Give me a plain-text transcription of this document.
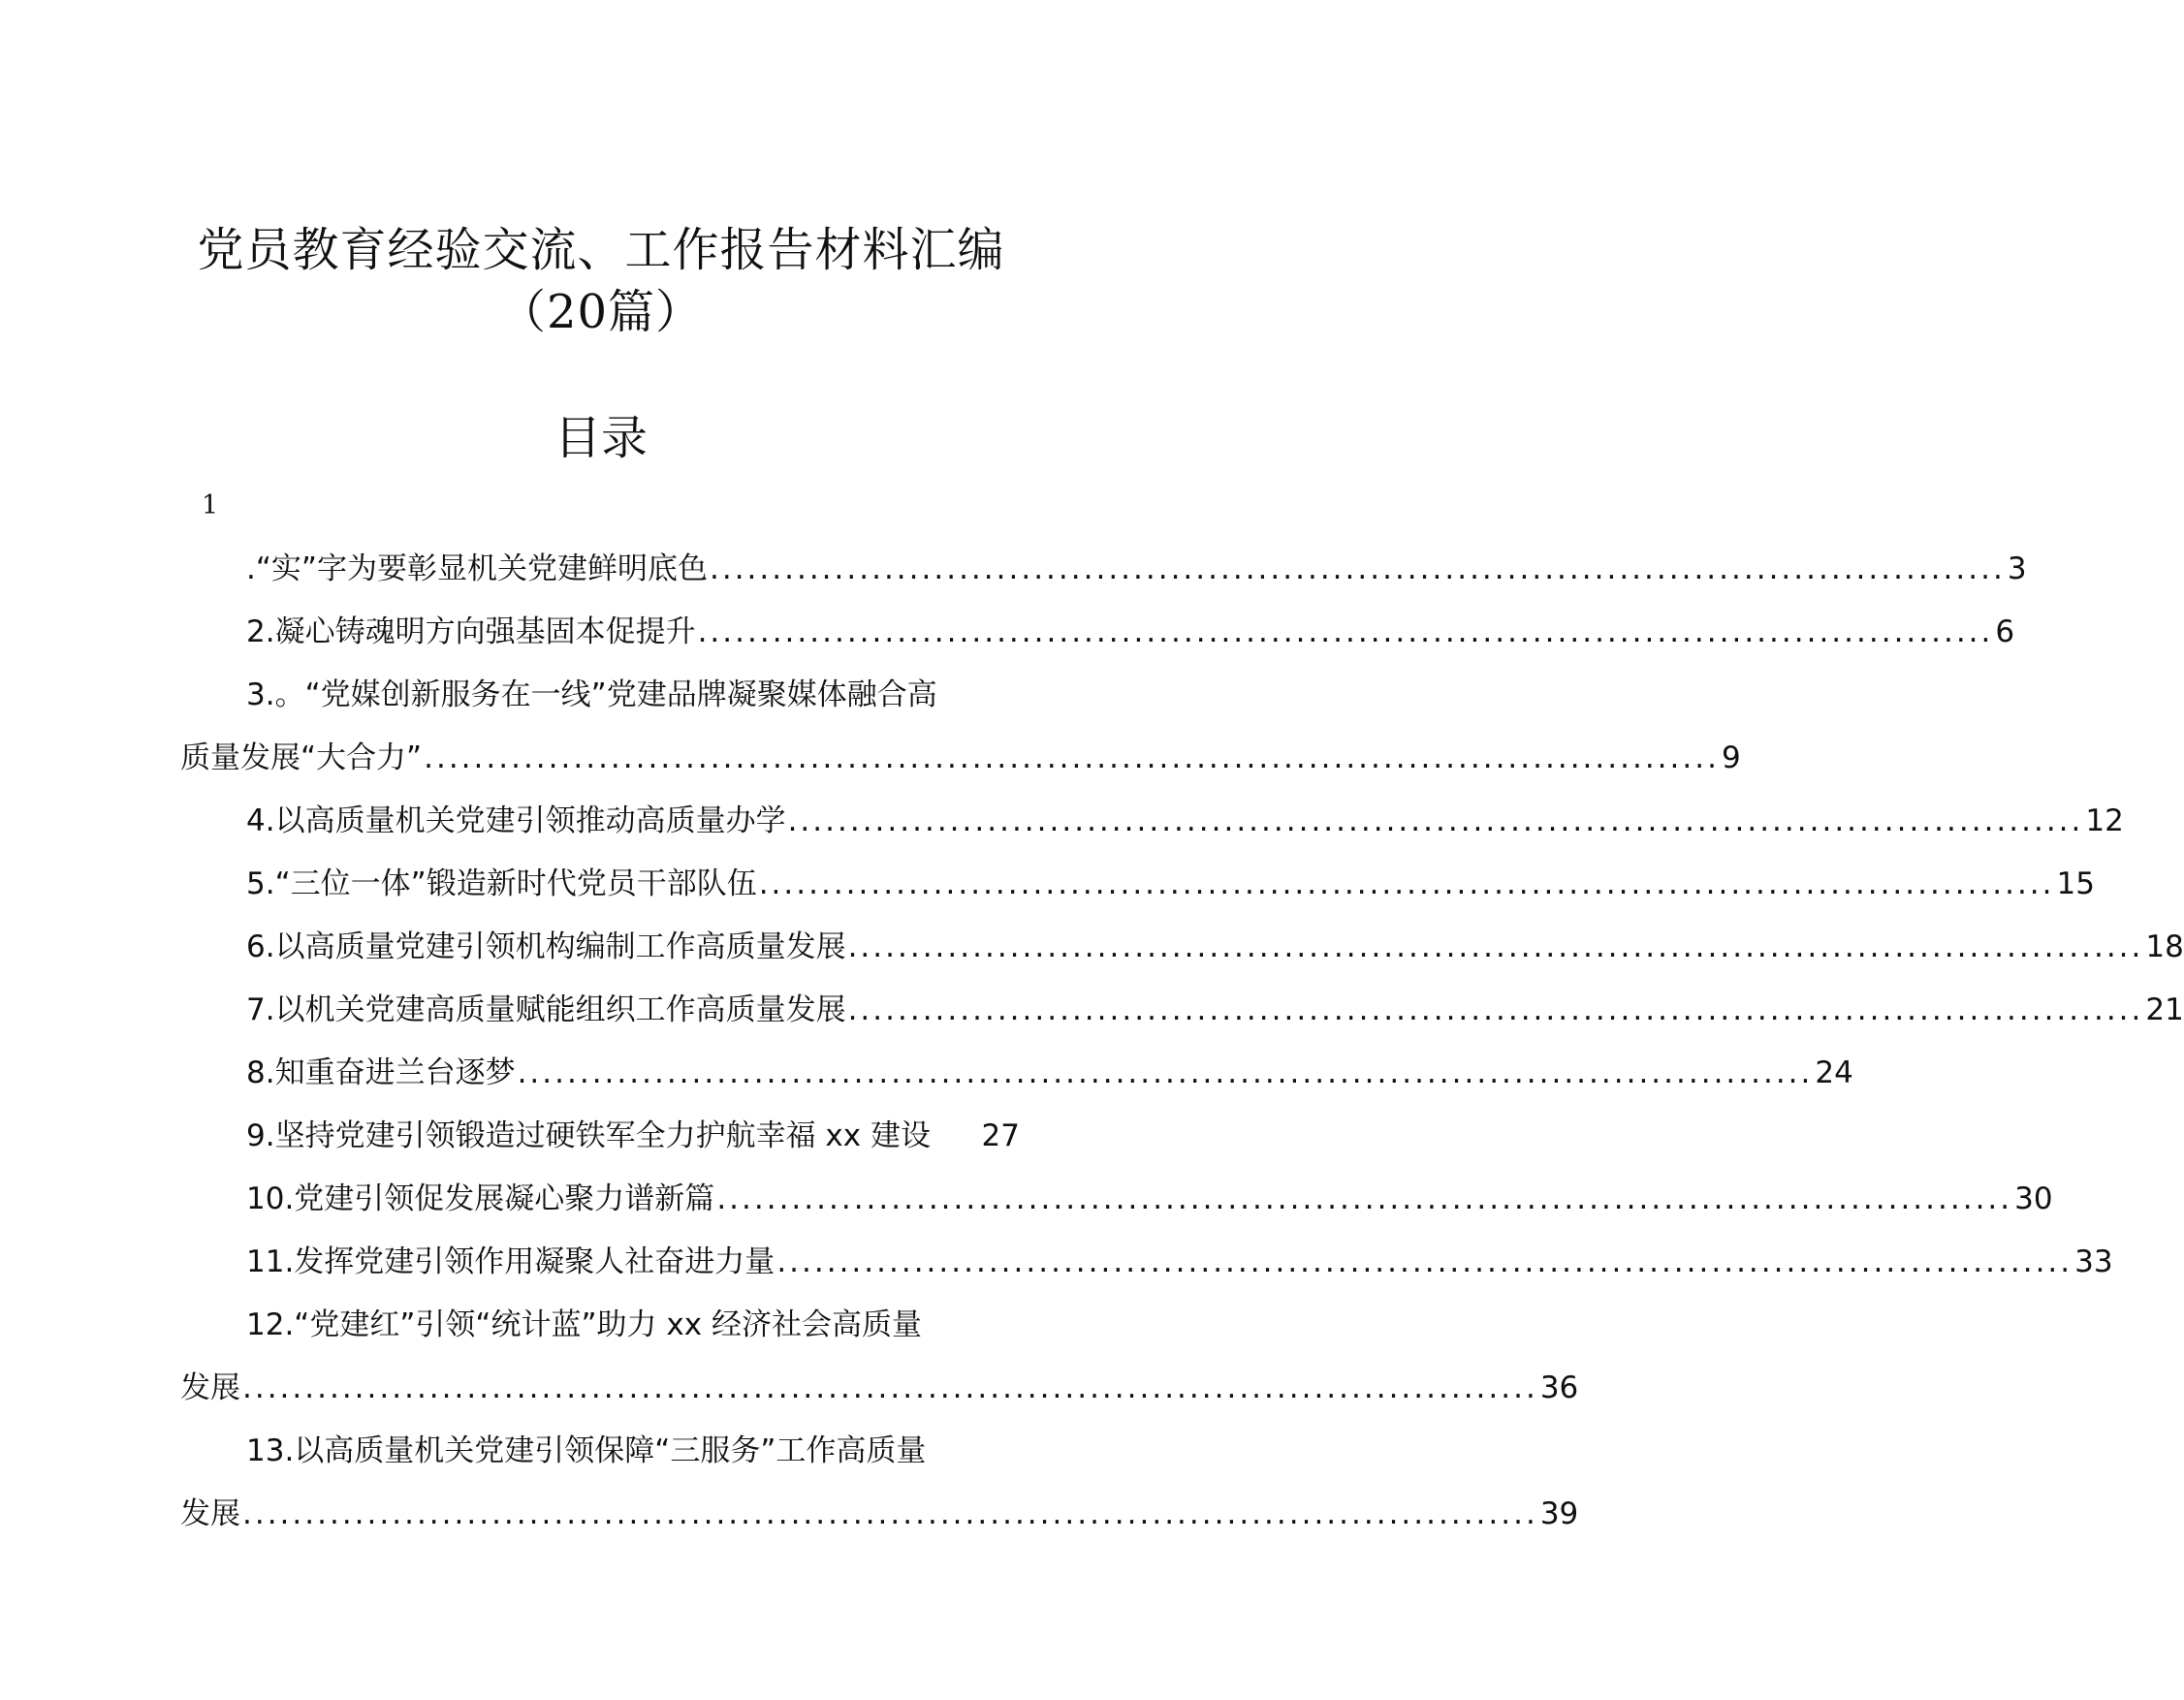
党员教育经验交流、工作报告材料汇编
（20篇）
目录
1
.“实”字为要彰显机关党建鲜明底色 ........................................................................................................ 3
2.凝心铸魂明方向强基固本促提升 ........................................................................................................ 6
3.。“党媒创新服务在一线”党建品牌凝聚媒体融合高
质量发展“大合力” ........................................................................................................ 9
4.以高质量机关党建引领推动高质量办学 ........................................................................................................ 12
5.“三位一体”锻造新时代党员干部队伍 ........................................................................................................ 15
6.以高质量党建引领机构编制工作高质量发展 ........................................................................................................ 18
7.以机关党建高质量赋能组织工作高质量发展 ........................................................................................................ 21
8.知重奋进兰台逐梦 ........................................................................................................ 24
9.坚持党建引领锻造过硬铁军全力护航幸福 xx 建设 27
10.党建引领促发展凝心聚力谱新篇 ........................................................................................................ 30
11.发挥党建引领作用凝聚人社奋进力量 ........................................................................................................ 33
12.“党建红”引领“统计蓝”助力 xx 经济社会高质量
发展 ........................................................................................................ 36
13.以高质量机关党建引领保障“三服务”工作高质量
发展 ........................................................................................................ 39
